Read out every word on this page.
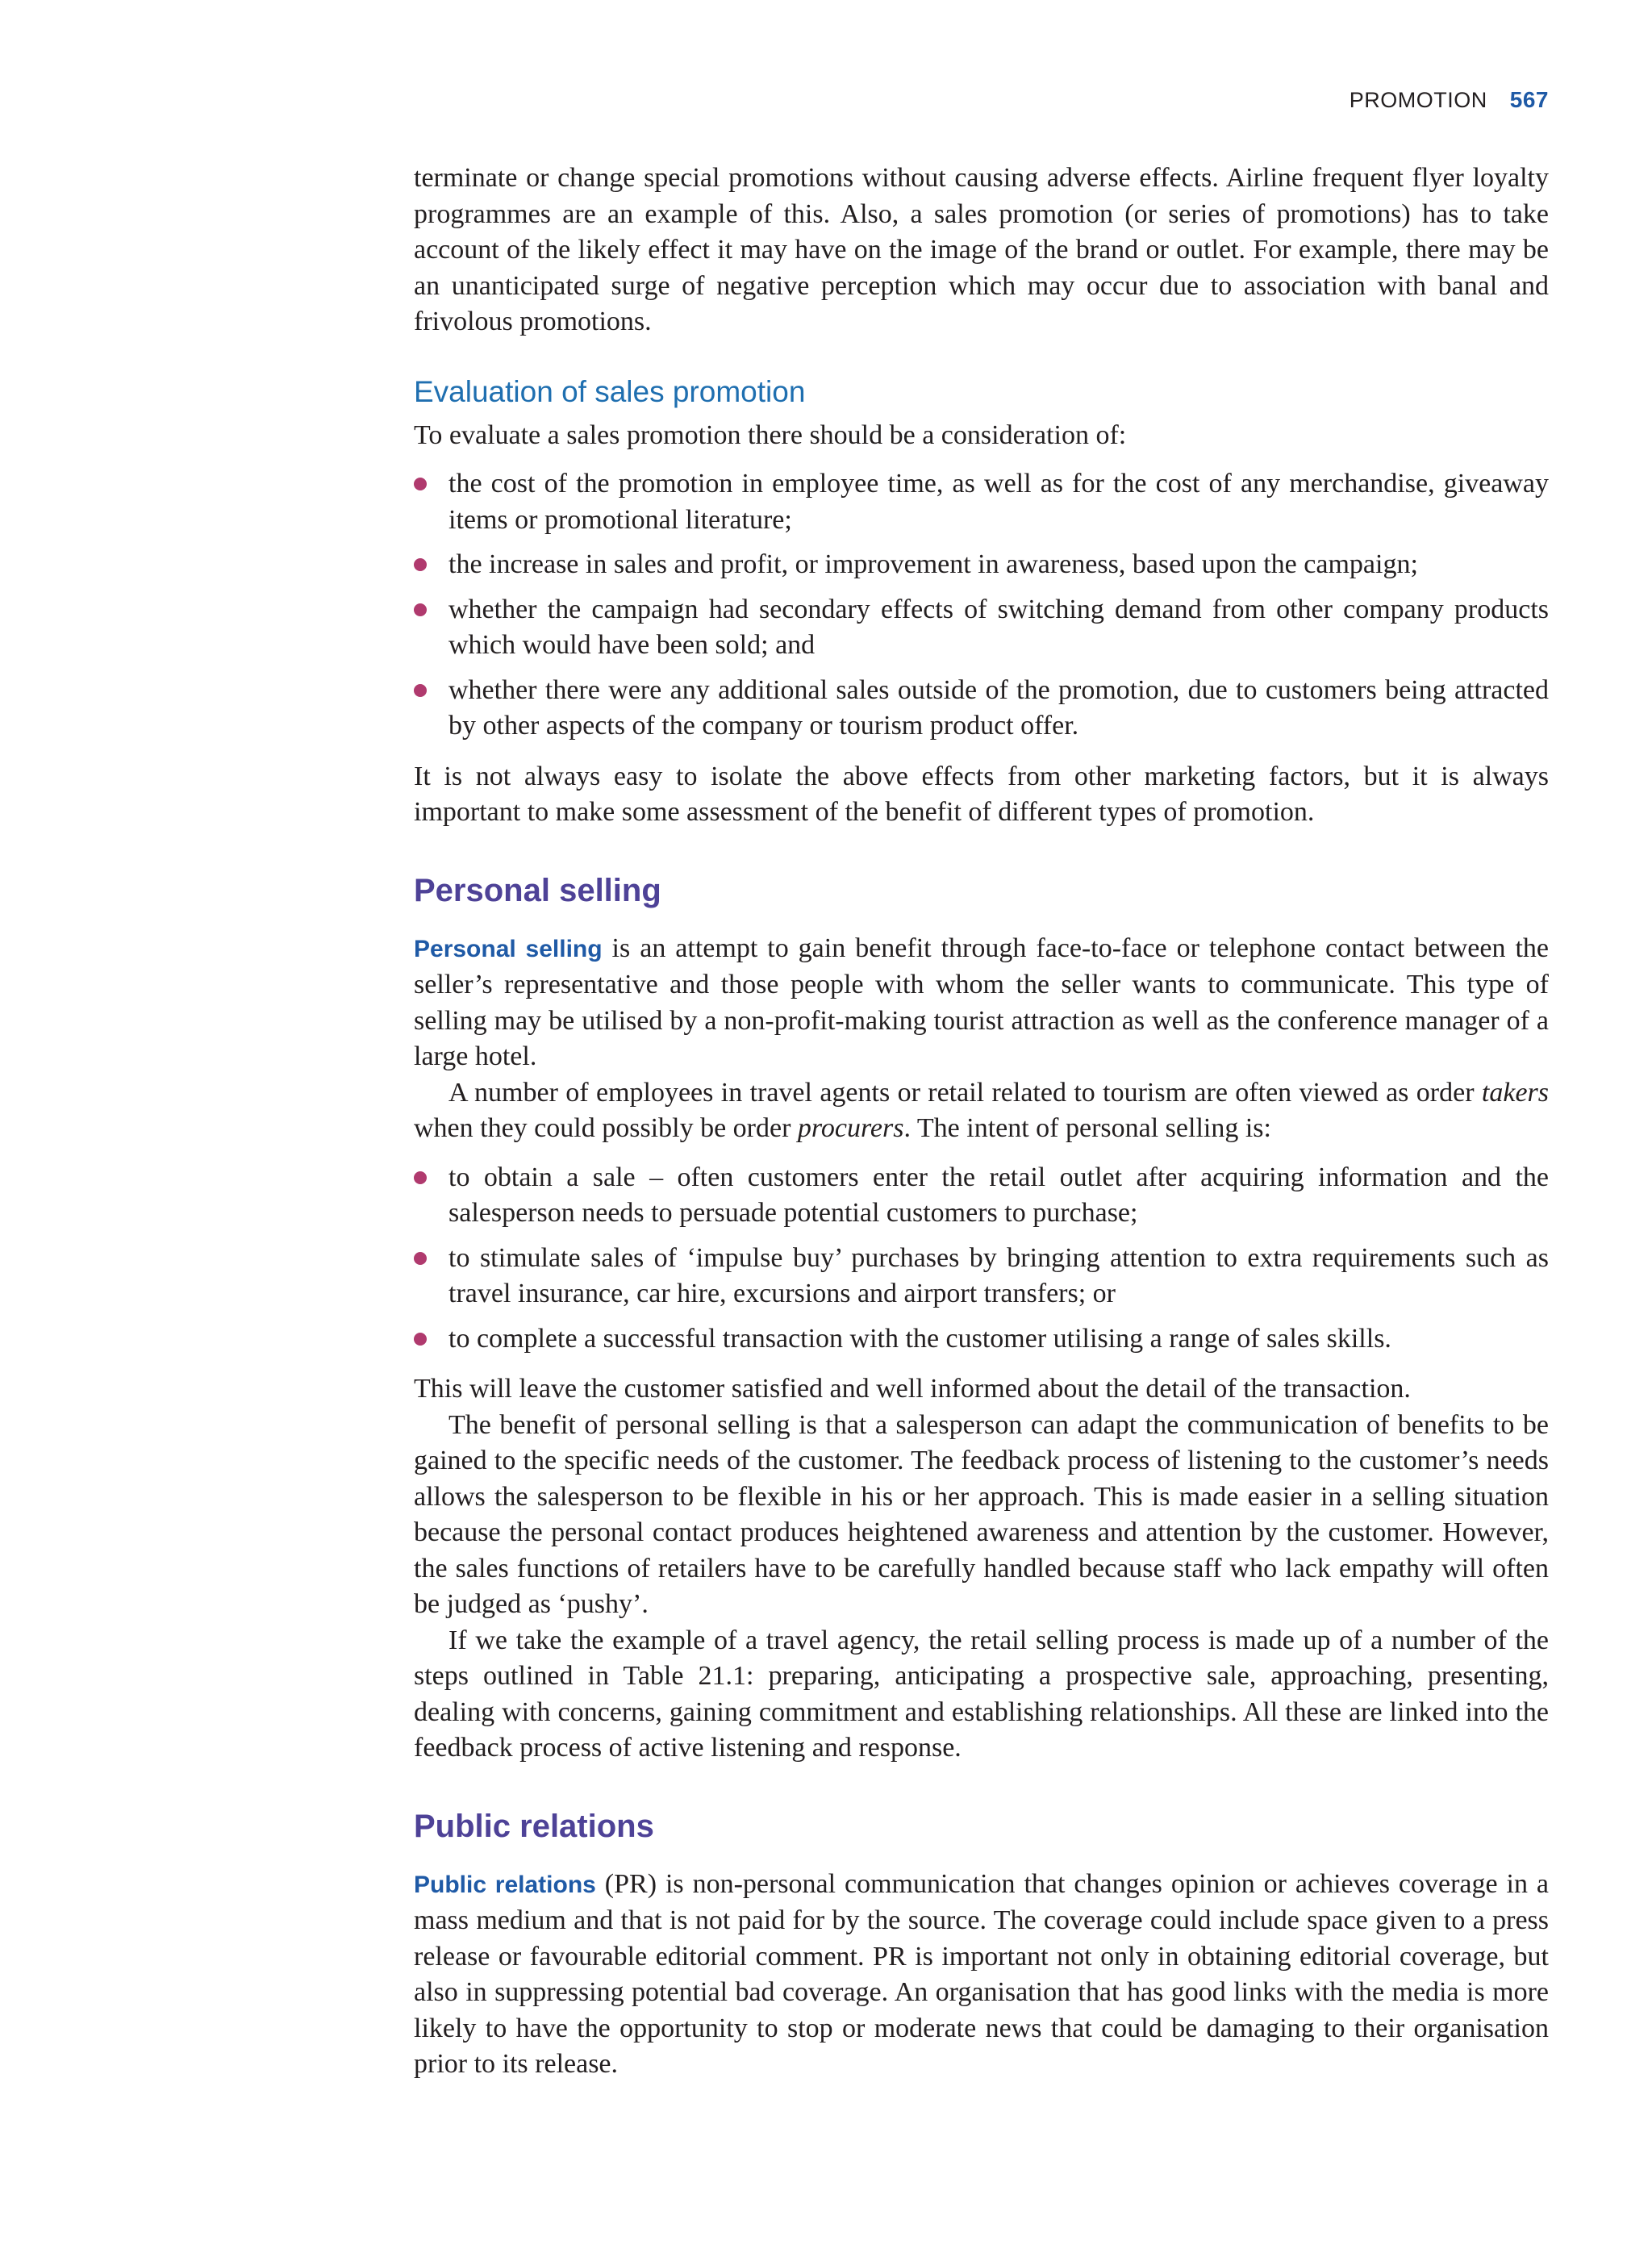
PROMOTION 567

terminate or change special promotions without causing adverse effects. Airline frequent flyer loyalty programmes are an example of this. Also, a sales promotion (or series of promotions) has to take account of the likely effect it may have on the image of the brand or outlet. For example, there may be an unanticipated surge of negative perception which may occur due to association with banal and frivolous promotions.

Evaluation of sales promotion

To evaluate a sales promotion there should be a consideration of:

the cost of the promotion in employee time, as well as for the cost of any merchandise, giveaway items or promotional literature;
the increase in sales and profit, or improvement in awareness, based upon the campaign;
whether the campaign had secondary effects of switching demand from other company products which would have been sold; and
whether there were any additional sales outside of the promotion, due to customers being attracted by other aspects of the company or tourism product offer.

It is not always easy to isolate the above effects from other marketing factors, but it is always important to make some assessment of the benefit of different types of promotion.

Personal selling

Personal selling is an attempt to gain benefit through face-to-face or telephone contact between the seller’s representative and those people with whom the seller wants to communicate. This type of selling may be utilised by a non-profit-making tourist attraction as well as the conference manager of a large hotel.

A number of employees in travel agents or retail related to tourism are often viewed as order takers when they could possibly be order procurers. The intent of personal selling is:

to obtain a sale – often customers enter the retail outlet after acquiring information and the salesperson needs to persuade potential customers to purchase;
to stimulate sales of ‘impulse buy’ purchases by bringing attention to extra requirements such as travel insurance, car hire, excursions and airport transfers; or
to complete a successful transaction with the customer utilising a range of sales skills.

This will leave the customer satisfied and well informed about the detail of the transaction.

The benefit of personal selling is that a salesperson can adapt the communication of benefits to be gained to the specific needs of the customer. The feedback process of listening to the customer’s needs allows the salesperson to be flexible in his or her approach. This is made easier in a selling situation because the personal contact produces heightened awareness and attention by the customer. However, the sales functions of retailers have to be carefully handled because staff who lack empathy will often be judged as ‘pushy’.

If we take the example of a travel agency, the retail selling process is made up of a number of the steps outlined in Table 21.1: preparing, anticipating a prospective sale, approaching, presenting, dealing with concerns, gaining commitment and establishing relationships. All these are linked into the feedback process of active listening and response.

Public relations

Public relations (PR) is non-personal communication that changes opinion or achieves coverage in a mass medium and that is not paid for by the source. The coverage could include space given to a press release or favourable editorial comment. PR is important not only in obtaining editorial coverage, but also in suppressing potential bad coverage. An organisation that has good links with the media is more likely to have the opportunity to stop or moderate news that could be damaging to their organisation prior to its release.
